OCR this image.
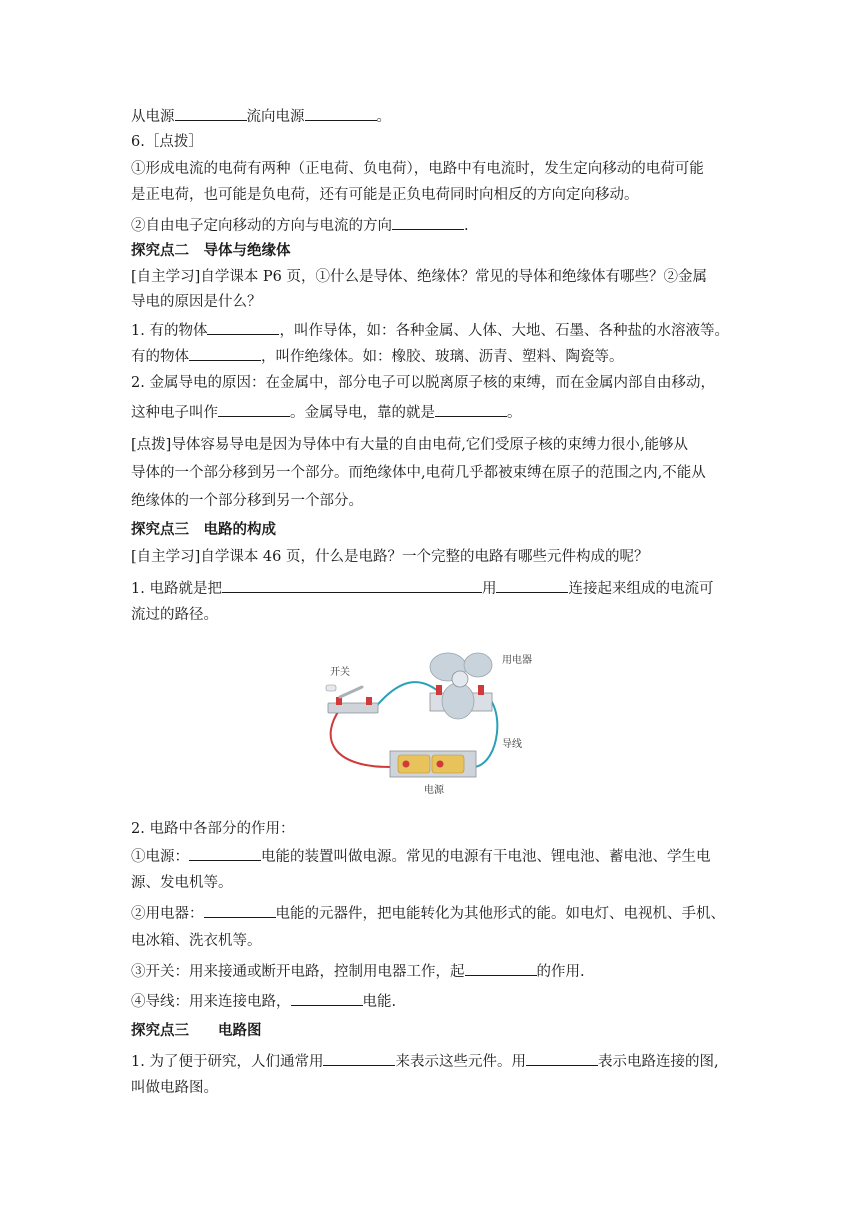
从电源	流向电源	。
6.［点拨］
①形成电流的电荷有两种（正电荷、负电荷），电路中有电流时，发生定向移动的电荷可能
是正电荷，也可能是负电荷，还有可能是正负电荷同时向相反的方向定向移动。
②自由电子定向移动的方向与电流的方向	.
探究点二　导体与绝缘体
[自主学习]自学课本 P6 页，①什么是导体、绝缘体？常见的导体和绝缘体有哪些？②金属
导电的原因是什么？
1. 有的物体	，叫作导体，如：各种金属、人体、大地、石墨、各种盐的水溶液等。
有的物体	，叫作绝缘体。如：橡胶、玻璃、沥青、塑料、陶瓷等。
2. 金属导电的原因：在金属中，部分电子可以脱离原子核的束缚，而在金属内部自由移动，
这种电子叫作	。金属导电，靠的就是	。
[点拨]导体容易导电是因为导体中有大量的自由电荷,它们受原子核的束缚力很小,能够从
导体的一个部分移到另一个部分。而绝缘体中,电荷几乎都被束缚在原子的范围之内,不能从
绝缘体的一个部分移到另一个部分。
探究点三　电路的构成
[自主学习]自学课本 46 页，什么是电路？一个完整的电路有哪些元件构成的呢？
1. 电路就是把	用	连接起来组成的电流可
流过的路径。
开关
用电器
导线
电源
2. 电路中各部分的作用：
①电源：	电能的装置叫做电源。常见的电源有干电池、锂电池、蓄电池、学生电
源、发电机等。
②用电器：	电能的元器件，把电能转化为其他形式的能。如电灯、电视机、手机、
电冰箱、洗衣机等。
③开关：用来接通或断开电路，控制用电器工作，起	的作用.
④导线：用来连接电路，	电能.
探究点三　　电路图
1. 为了便于研究，人们通常用	来表示这些元件。用	表示电路连接的图,
叫做电路图。
